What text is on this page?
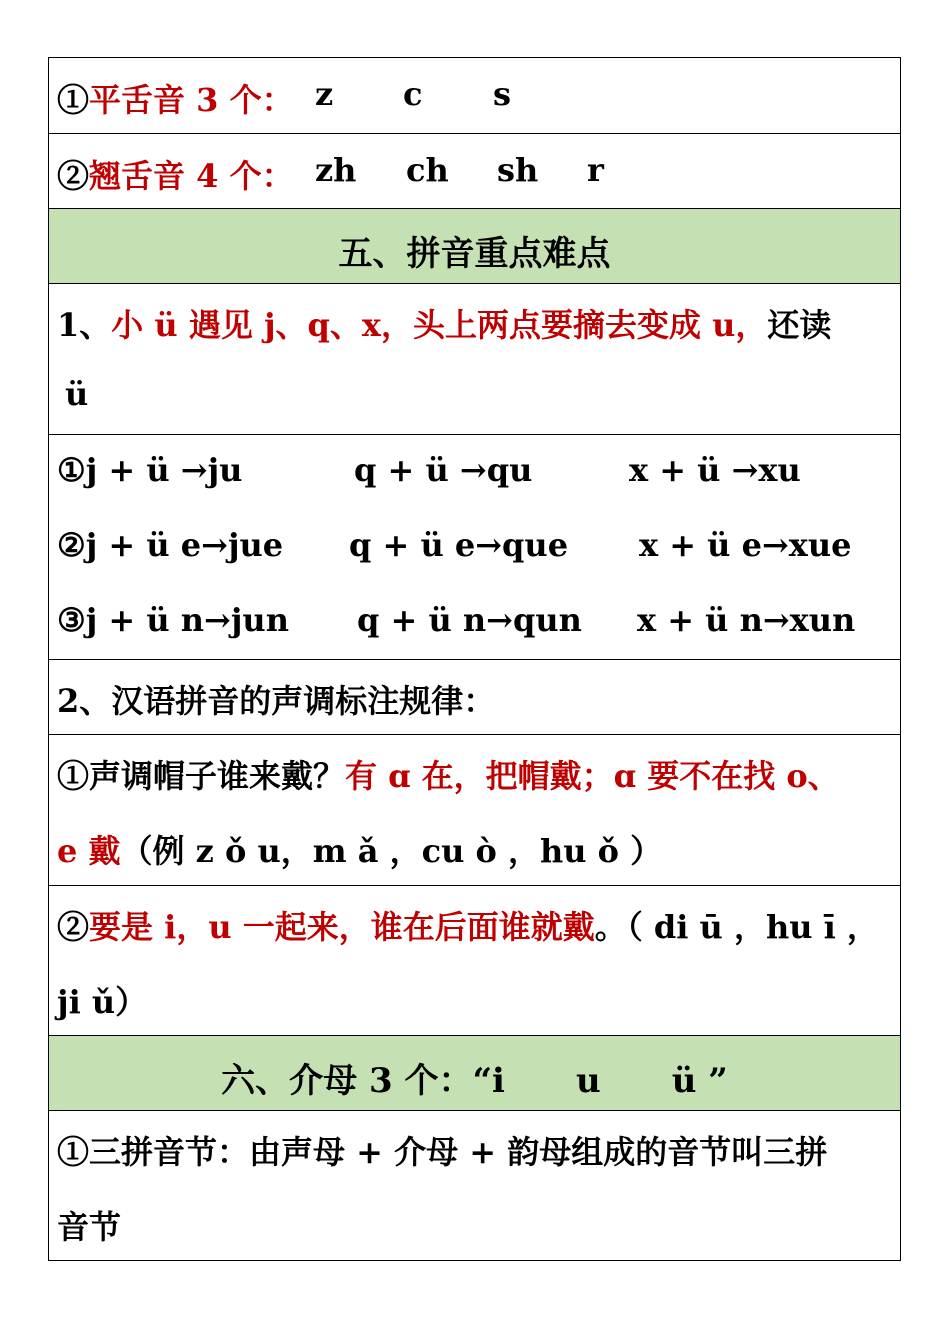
①平舌音 3 个： z c s
②翘舌音 4 个： zh ch sh r
五、拼音重点难点
1、小 ü 遇见 j、q、x，头上两点要摘去变成 u，还读
ü
①j + ü →ju	q + ü →qu	x + ü →xu
②j + ü e→jue q + ü e→que x + ü e→xue
③j + ü n→jun q + ü n→qun x + ü n→xun
2、汉语拼音的声调标注规律：
①声调帽子谁来戴？有 ɑ 在，把帽戴；ɑ 要不在找 o、
e 戴（例 z ǒ u，m ǎ ，cu ò ，hu ǒ ）
②要是 i，u 一起来，谁在后面谁就戴。（ di ū ，hu ī ，
ji ǔ）
六、介母 3 个：“i      u      ü ”
①三拼音节：由声母 + 介母 + 韵母组成的音节叫三拼
音节
